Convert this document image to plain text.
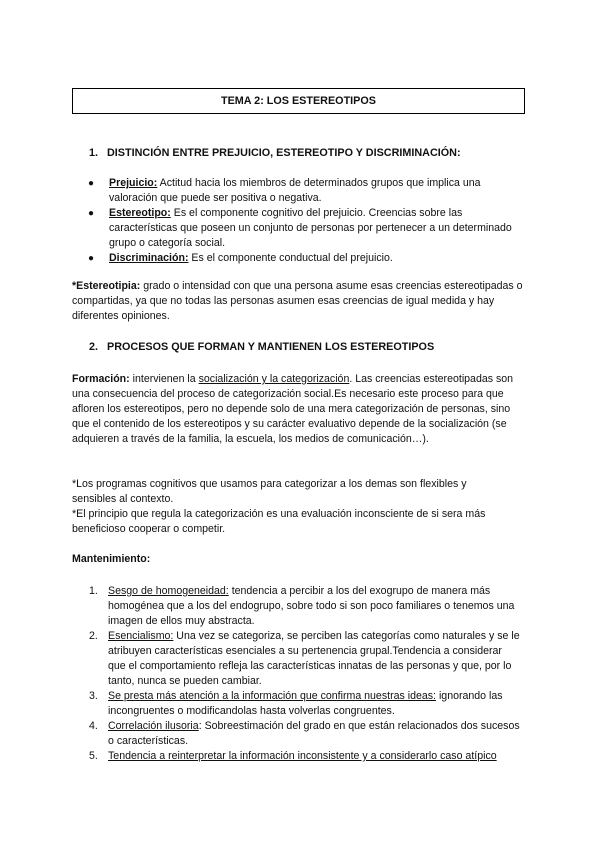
TEMA 2: LOS ESTEREOTIPOS
1. DISTINCIÓN ENTRE PREJUICIO, ESTEREOTIPO Y DISCRIMINACIÓN:
● Prejuicio: Actitud hacia los miembros de determinados grupos que implica una valoración que puede ser positiva o negativa.
● Estereotipo: Es el componente cognitivo del prejuicio. Creencias sobre las características que poseen un conjunto de personas por pertenecer a un determinado grupo o categoría social.
● Discriminación: Es el componente conductual del prejuicio.

*Estereotipia: grado o intensidad con que una persona asume esas creencias estereotipadas o compartidas, ya que no todas las personas asumen esas creencias de igual medida y hay diferentes opiniones.

2. PROCESOS QUE FORMAN Y MANTIENEN LOS ESTEREOTIPOS

Formación: intervienen la socialización y la categorización. Las creencias estereotipadas son una consecuencia del proceso de categorización social.Es necesario este proceso para que afloren los estereotipos, pero no depende solo de una mera categorización de personas, sino que el contenido de los estereotipos y su carácter evaluativo depende de la socialización (se adquieren a través de la familia, la escuela, los medios de comunicación…).

*Los programas cognitivos que usamos para categorizar a los demas son flexibles y sensibles al contexto.

*El principio que regula la categorización es una evaluación inconsciente de si sera más beneficioso cooperar o competir.

Mantenimiento:

1. Sesgo de homogeneidad: tendencia a percibir a los del exogrupo de manera más homogénea que a los del endogrupo, sobre todo si son poco familiares o tenemos una imagen de ellos muy abstracta.
2. Esencialismo: Una vez se categoriza, se perciben las categorías como naturales y se le atribuyen características esenciales a su pertenencia grupal.Tendencia a considerar que el comportamiento refleja las características innatas de las personas y que, por lo tanto, nunca se pueden cambiar.
3. Se presta más atención a la información que confirma nuestras ideas: ignorando las incongruentes o modificandolas hasta volverlas congruentes.
4. Correlación ilusoria: Sobreestimación del grado en que están relacionados dos sucesos o características.
5. Tendencia a reinterpretar la información inconsistente y a considerarlo caso atípico
